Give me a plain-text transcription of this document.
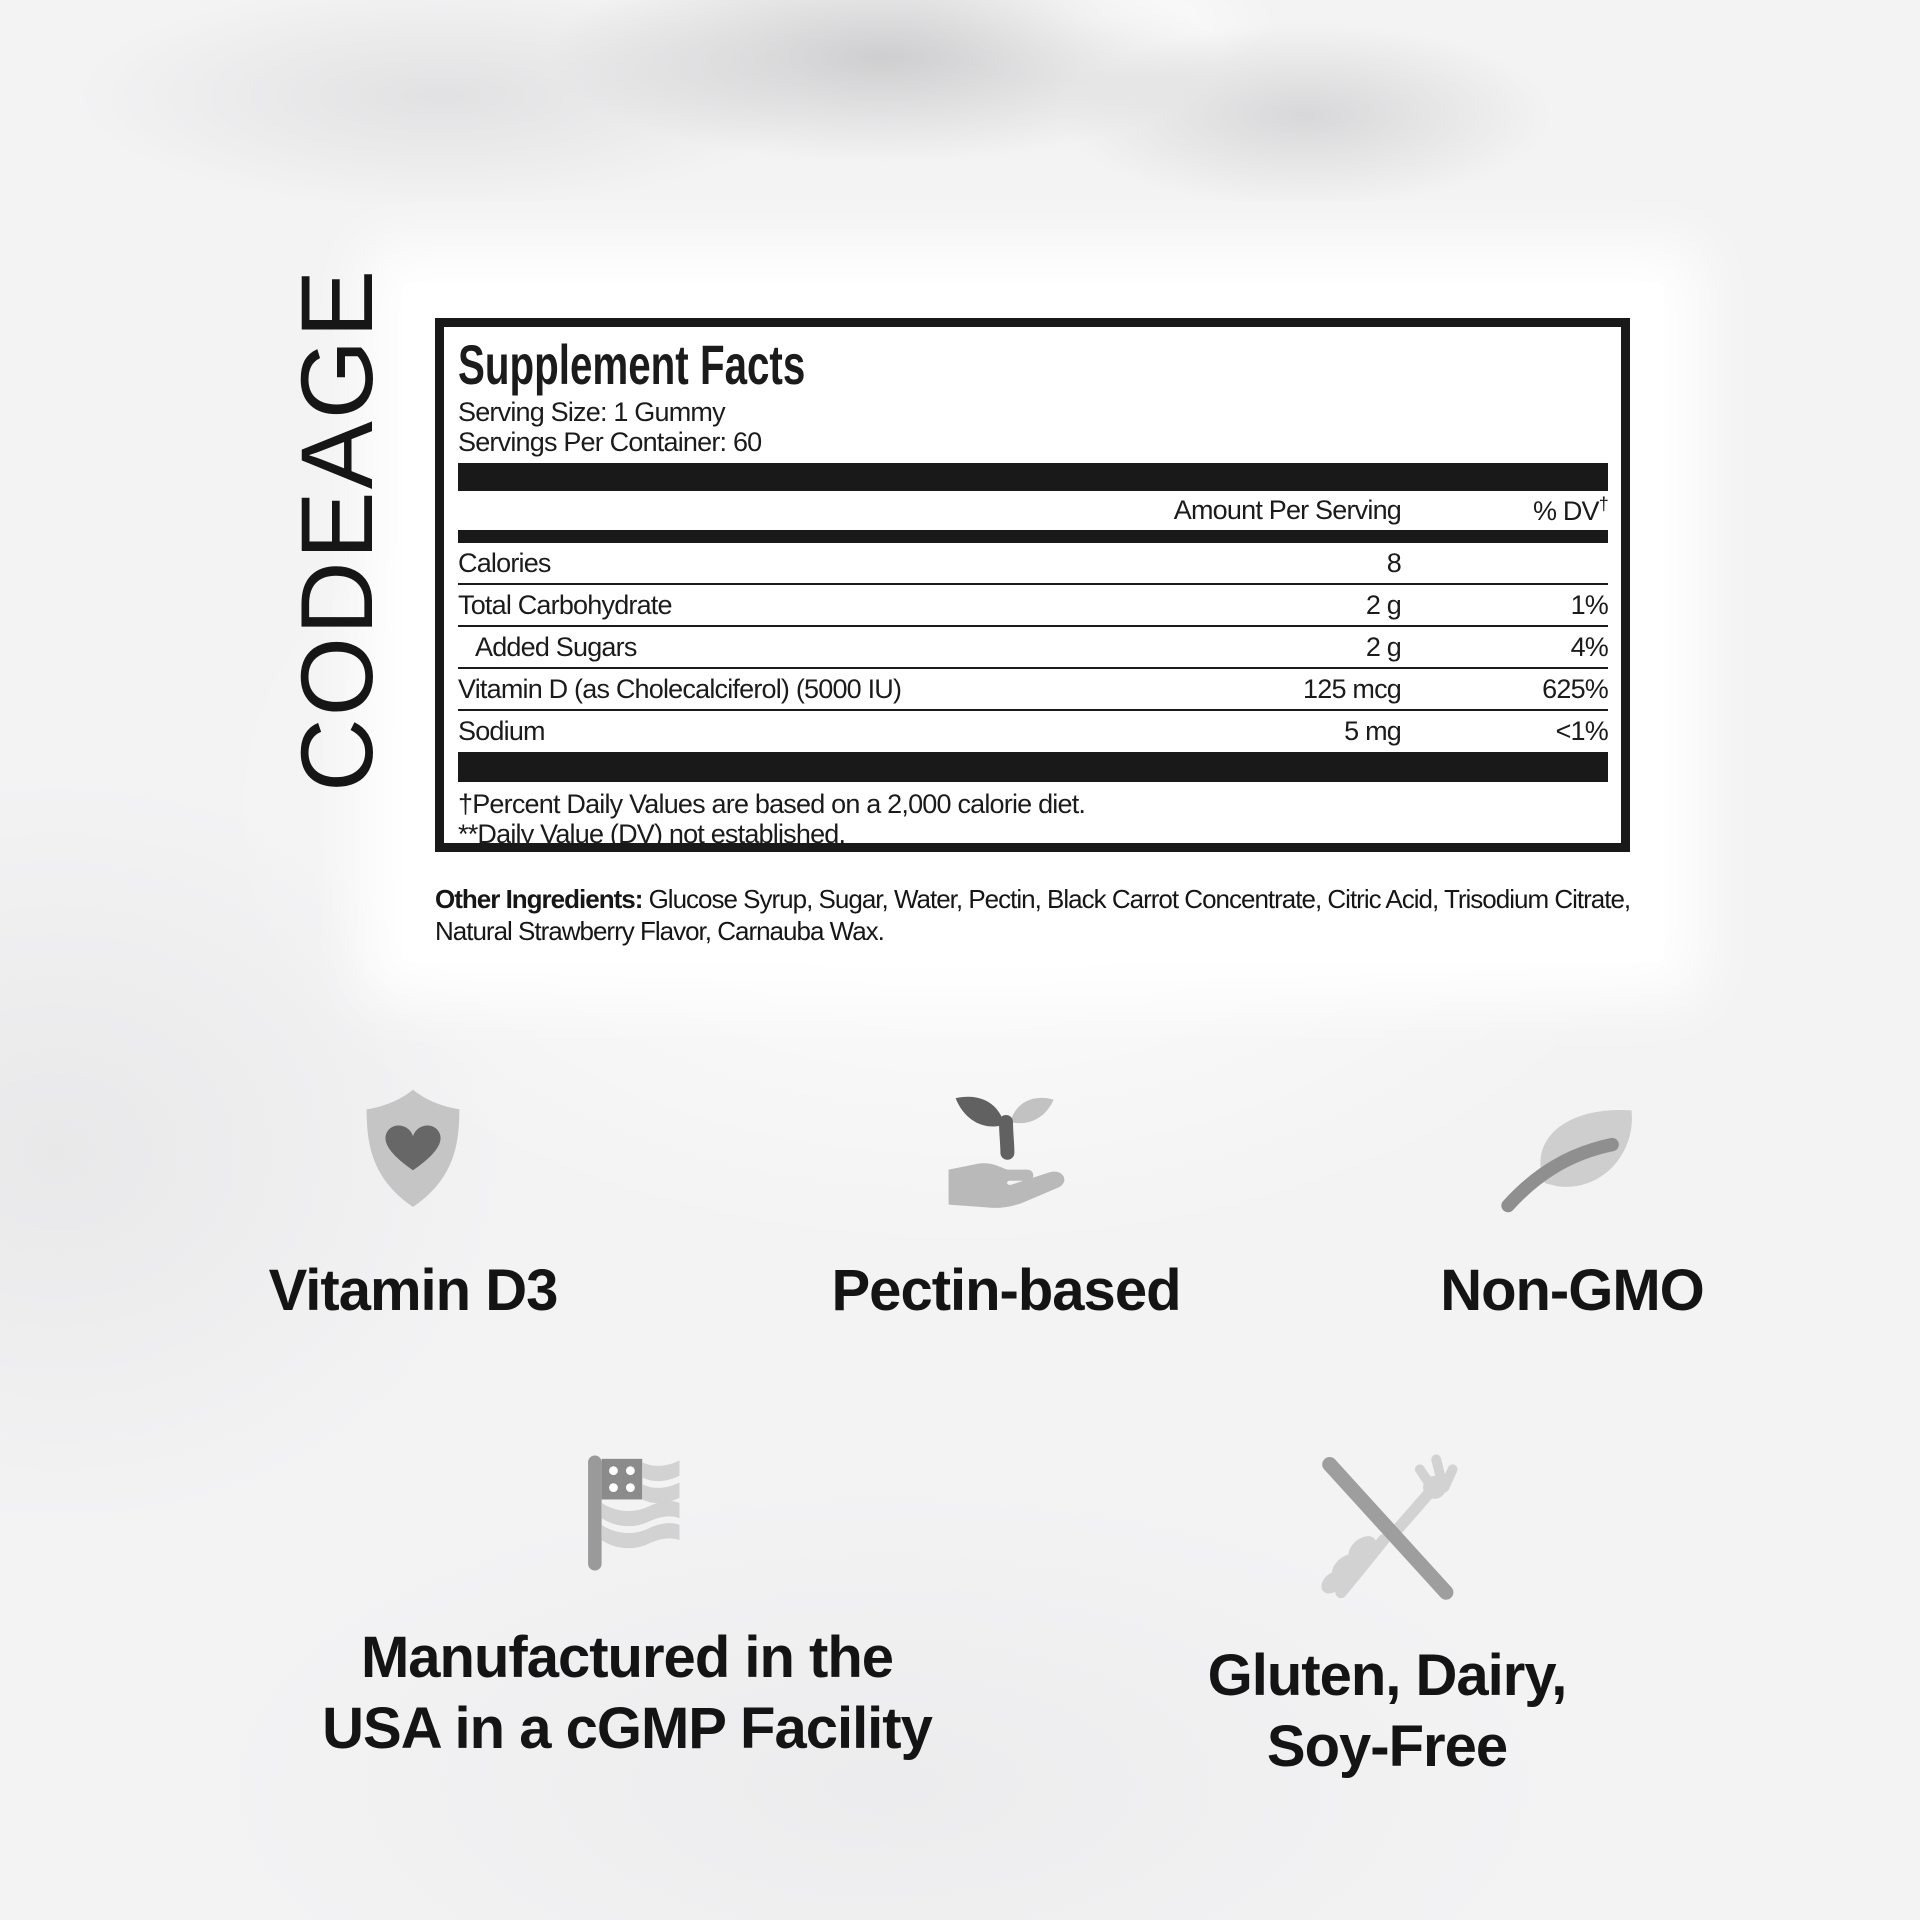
CODEAGE Supplement Facts
Serving Size: 1 Gummy
Servings Per Container: 60
Amount Per Serving	% DV†
Calories	8
Total Carbohydrate	2 g	1%
Added Sugars	2 g	4%
Vitamin D (as Cholecalciferol) (5000 IU)	125 mcg	625%
Sodium	5 mg	<1%
†Percent Daily Values are based on a 2,000 calorie diet.
**Daily Value (DV) not established.

Other Ingredients: Glucose Syrup, Sugar, Water, Pectin, Black Carrot Concentrate, Citric Acid, Trisodium Citrate, Natural Strawberry Flavor, Carnauba Wax.

Vitamin D3	Pectin-based	Non-GMO
Manufactured in the
USA in a cGMP Facility
Gluten, Dairy,
Soy-Free
